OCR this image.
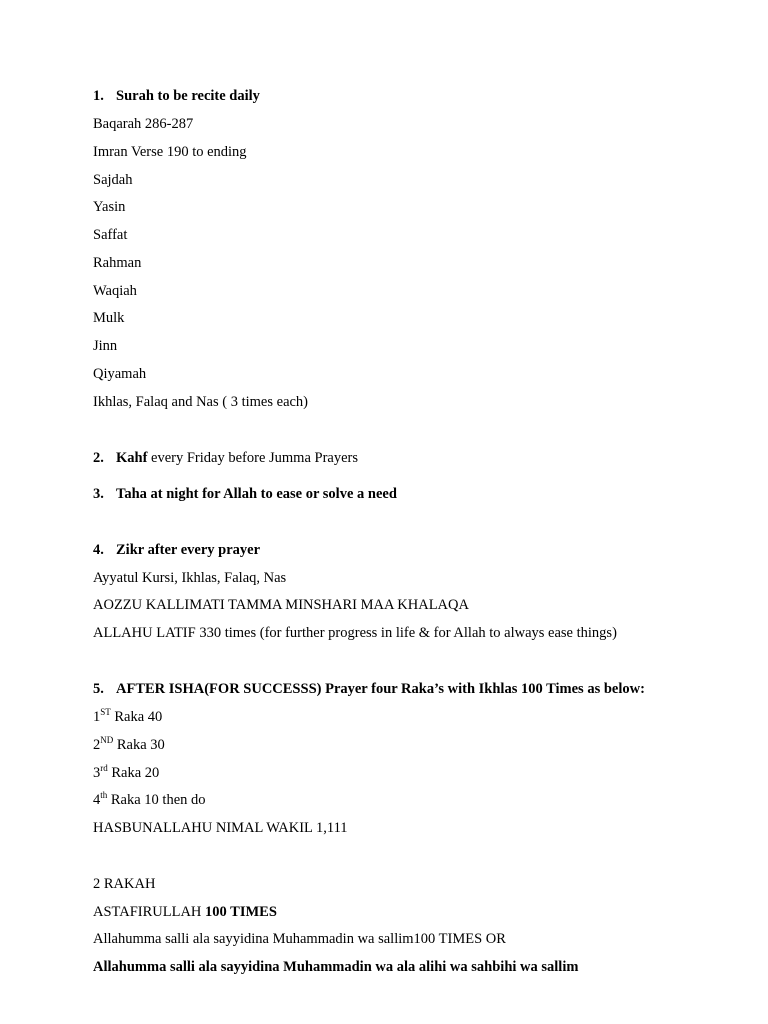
1. Surah to be recite daily
Baqarah 286-287
Imran Verse 190 to ending
Sajdah
Yasin
Saffat
Rahman
Waqiah
Mulk
Jinn
Qiyamah
Ikhlas, Falaq and Nas ( 3 times each)
2. Kahf every Friday before Jumma Prayers
3. Taha at night for Allah to ease or solve a need
4. Zikr after every prayer
Ayyatul Kursi, Ikhlas, Falaq, Nas
AOZZU KALLIMATI TAMMA MINSHARI MAA KHALAQA
ALLAHU LATIF 330 times (for further progress in life & for Allah to always ease things)
5. AFTER ISHA(FOR SUCCESSS) Prayer four Raka’s with Ikhlas 100 Times as below:
1ST Raka 40
2ND Raka 30
3rd Raka 20
4th Raka 10 then do
HASBUNALLAHU NIMAL WAKIL 1,111
2 RAKAH
ASTAFIRULLAH 100 TIMES
Allahumma salli ala sayyidina Muhammadin wa sallim100 TIMES OR
Allahumma salli ala sayyidina Muhammadin wa ala alihi wa sahbihi wa sallim
